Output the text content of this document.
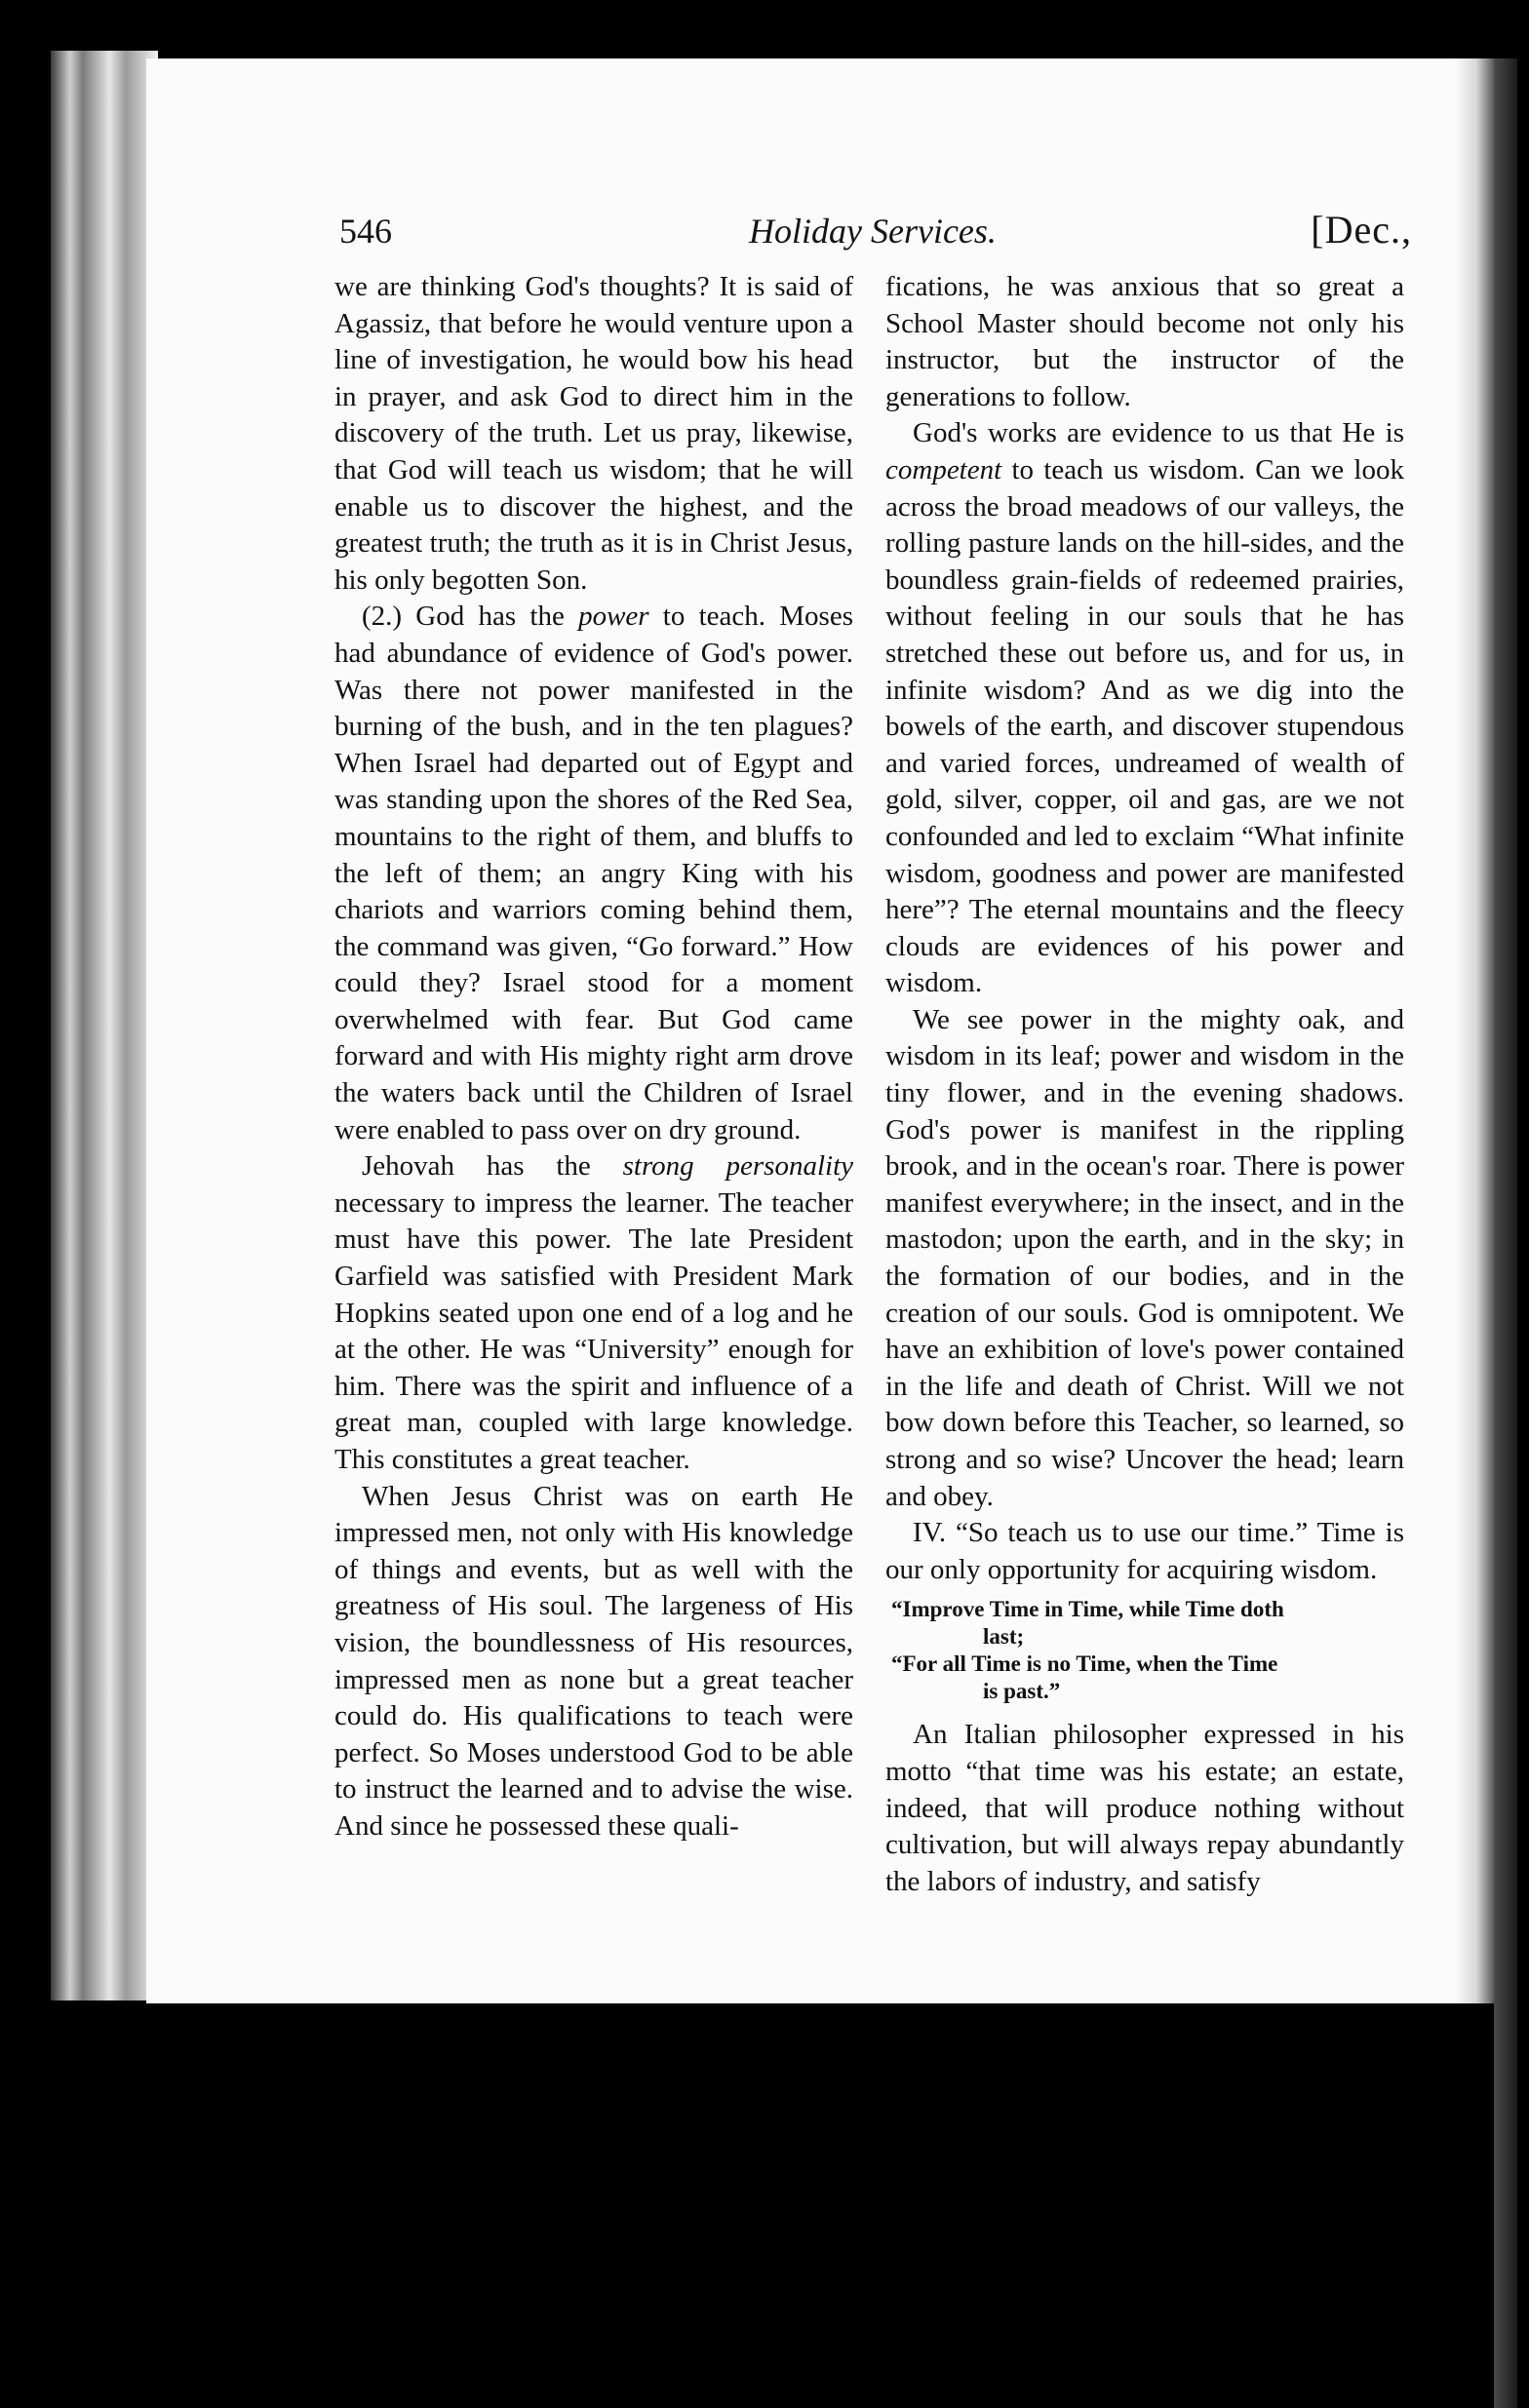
546	Holiday Services.	[Dec.,

we are thinking God's thoughts? It is said of Agassiz, that before he would venture upon a line of investigation, he would bow his head in prayer, and ask God to direct him in the discovery of the truth. Let us pray, likewise, that God will teach us wisdom; that he will enable us to discover the highest, and the greatest truth; the truth as it is in Christ Jesus, his only begotten Son.

(2.) God has the power to teach. Moses had abundance of evidence of God's power. Was there not power manifested in the burning of the bush, and in the ten plagues? When Israel had departed out of Egypt and was standing upon the shores of the Red Sea, mountains to the right of them, and bluffs to the left of them; an angry King with his chariots and warriors coming behind them, the command was given, “Go forward.” How could they? Israel stood for a moment overwhelmed with fear. But God came forward and with His mighty right arm drove the waters back until the Children of Israel were enabled to pass over on dry ground.

Jehovah has the strong personality necessary to impress the learner. The teacher must have this power. The late President Garfield was satisfied with President Mark Hopkins seated upon one end of a log and he at the other. He was “University” enough for him. There was the spirit and influence of a great man, coupled with large knowledge. This constitutes a great teacher.

When Jesus Christ was on earth He impressed men, not only with His knowledge of things and events, but as well with the greatness of His soul. The largeness of His vision, the boundlessness of His resources, impressed men as none but a great teacher could do. His qualifications to teach were perfect. So Moses understood God to be able to instruct the learned and to advise the wise. And since he possessed these quali-

fications, he was anxious that so great a School Master should become not only his instructor, but the instructor of the generations to follow.

God's works are evidence to us that He is competent to teach us wisdom. Can we look across the broad meadows of our valleys, the rolling pasture lands on the hill-sides, and the boundless grain-fields of redeemed prairies, without feeling in our souls that he has stretched these out before us, and for us, in infinite wisdom? And as we dig into the bowels of the earth, and discover stupendous and varied forces, undreamed of wealth of gold, silver, copper, oil and gas, are we not confounded and led to exclaim “What infinite wisdom, goodness and power are manifested here”? The eternal mountains and the fleecy clouds are evidences of his power and wisdom.

We see power in the mighty oak, and wisdom in its leaf; power and wisdom in the tiny flower, and in the evening shadows. God's power is manifest in the rippling brook, and in the ocean's roar. There is power manifest everywhere; in the insect, and in the mastodon; upon the earth, and in the sky; in the formation of our bodies, and in the creation of our souls. God is omnipotent. We have an exhibition of love's power contained in the life and death of Christ. Will we not bow down before this Teacher, so learned, so strong and so wise? Uncover the head; learn and obey.

IV. “So teach us to use our time.” Time is our only opportunity for acquiring wisdom.

“Improve Time in Time, while Time doth
last;
“For all Time is no Time, when the Time
is past.”

An Italian philosopher expressed in his motto “that time was his estate; an estate, indeed, that will produce nothing without cultivation, but will always repay abundantly the labors of industry, and satisfy
